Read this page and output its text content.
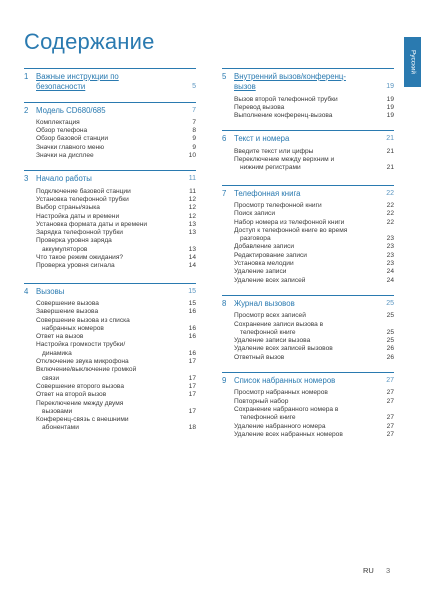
Содержание
Русский
1 Важные инструкции по
безопасности	5
2 Модель CD680/685	7
Комплектация	7
Обзор телефона	8
Обзор базовой станции	9
Значки главного меню	9
Значки на дисплее	10
3 Начало работы	11
Подключение базовой станции	11
Установка телефонной трубки	12
Выбор страны/языка	12
Настройка даты и времени	12
Установка формата даты и времени	13
Зарядка телефонной трубки	13
Проверка уровня заряда
аккумуляторов	13
Что такое режим ожидания?	14
Проверка уровня сигнала	14
4 Вызовы	15
Совершение вызова	15
Завершение вызова	16
Совершение вызова из списка
набранных номеров	16
Ответ на вызов	16
Настройка громкости трубки/
динамика	16
Отключение звука микрофона	17
Включение/выключение громкой
связи	17
Совершение второго вызова	17
Ответ на второй вызов	17
Переключение между двумя
вызовами	17
Конференц-связь с внешними
абонентами	18
5 Внутренний вызов/конференц-
вызов	19
Вызов второй телефонной трубки	19
Перевод вызова	19
Выполнение конференц-вызова	19
6 Текст и номера	21
Введите текст или цифры	21
Переключение между верхним и
нижним регистрами	21
7 Телефонная книга	22
Просмотр телефонной книги	22
Поиск записи	22
Набор номера из телефонной книги	22
Доступ к телефонной книге во время
разговора	23
Добавление записи	23
Редактирование записи	23
Установка мелодии	23
Удаление записи	24
Удаление всех записей	24
8 Журнал вызовов	25
Просмотр всех записей	25
Сохранение записи вызова в
телефонной книге	25
Удаление записи вызова	25
Удаление всех записей вызовов	26
Ответный вызов	26
9 Список набранных номеров	27
Просмотр набранных номеров	27
Повторный набор	27
Сохранение набранного номера в
телефонной книге	27
Удаление набранного номера	27
Удаление всех набранных номеров	27
RU 3
